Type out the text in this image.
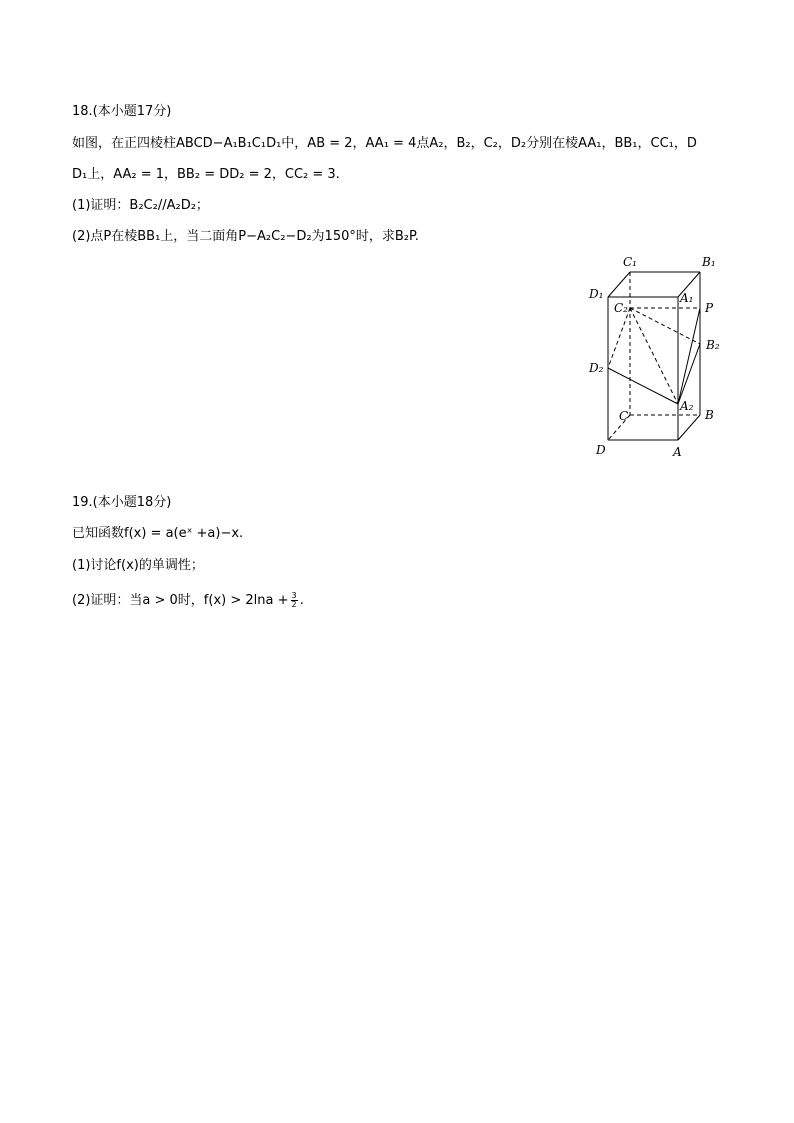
18.(本小题17分)
如图，在正四棱柱ABCD−A₁B₁C₁D₁中，AB = 2，AA₁ = 4点A₂，B₂，C₂，D₂分别在棱AA₁，BB₁，CC₁，D
D₁上，AA₂ = 1，BB₂ = DD₂ = 2，CC₂ = 3.
(1)证明：B₂C₂//A₂D₂；
(2)点P在棱BB₁上，当二面角P−A₂C₂−D₂为150°时，求B₂P.
C₁	B₁
D₁	A₁
C₂	P
B₂
D₂
C
A₂
B
D	A
19.(本小题18分)
已知函数f(x) = a(eˣ +a)−x.
(1)讨论f(x)的单调性；
(2)证明：当a > 0时，$f(x) > 2\ln a + \frac{3}{2}$ .
